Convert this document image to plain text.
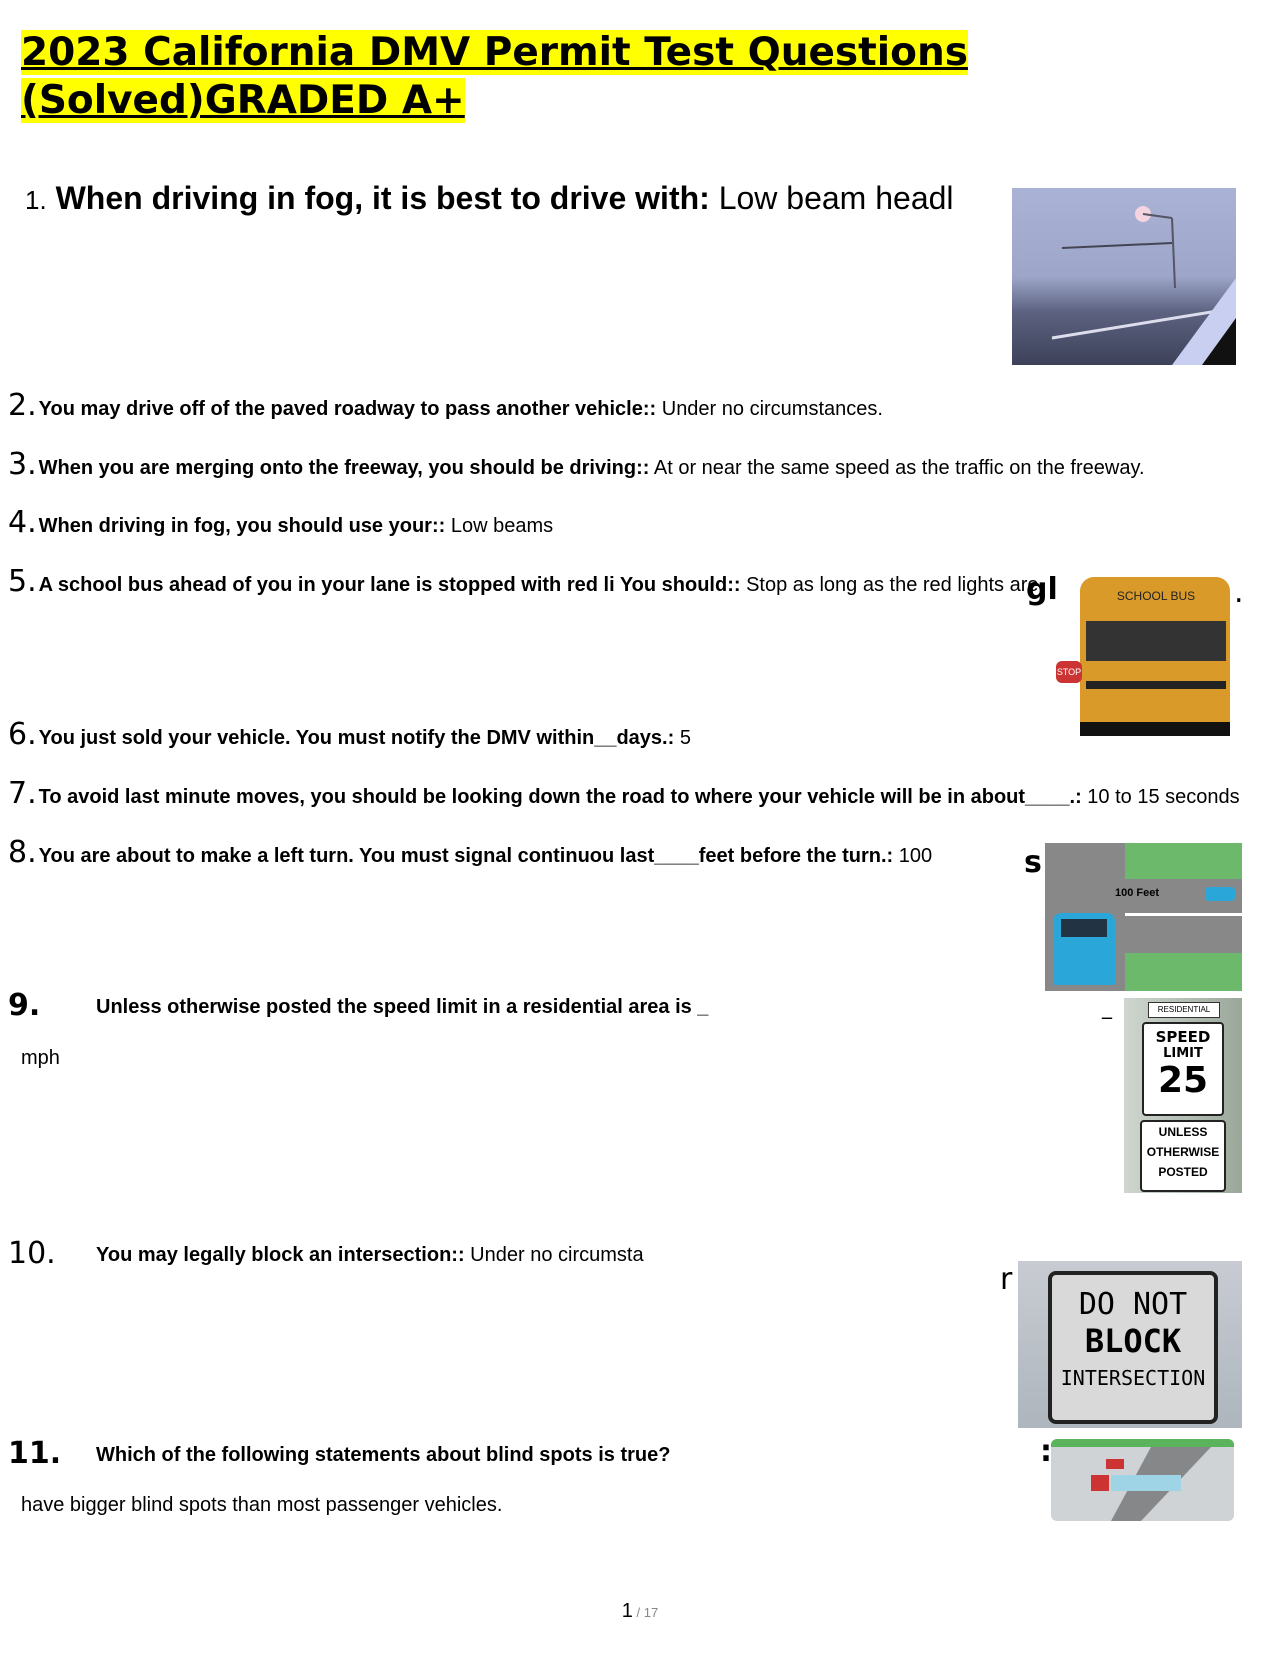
2023 California DMV Permit Test Questions
(Solved)GRADED A+
1. When driving in fog, it is best to drive with: Low beam headl
2. You may drive off of the paved roadway to pass another vehicle:: Under no circumstances.
3. When you are merging onto the freeway, you should be driving:: At or near the same speed as the traffic on the freeway.
4. When driving in fog, you should use your:: Low beams
5. A school bus ahead of you in your lane is stopped with red li You should:: Stop as long as the red lights are
STOP
SCHOOL BUS
gl	.
6. You just sold your vehicle. You must notify the DMV within__days.: 5
7. To avoid last minute moves, you should be looking down the road to where your vehicle will be in about____.: 10 to 15 seconds
8. You are about to make a left turn. You must signal continuou last____feet before the turn.: 100
100 Feet
s
9.	Unless otherwise posted the speed limit in a residential area is _
mph
_	RESIDENTIAL
SPEED
LIMIT
25
UNLESS
OTHERWISE
POSTED
10. You may legally block an intersection:: Under no circumsta
r
DO NOT
BLOCK
INTERSECTION
11. Which of the following statements about blind spots is true?
have bigger blind spots than most passenger vehicles.
:
1 / 17
